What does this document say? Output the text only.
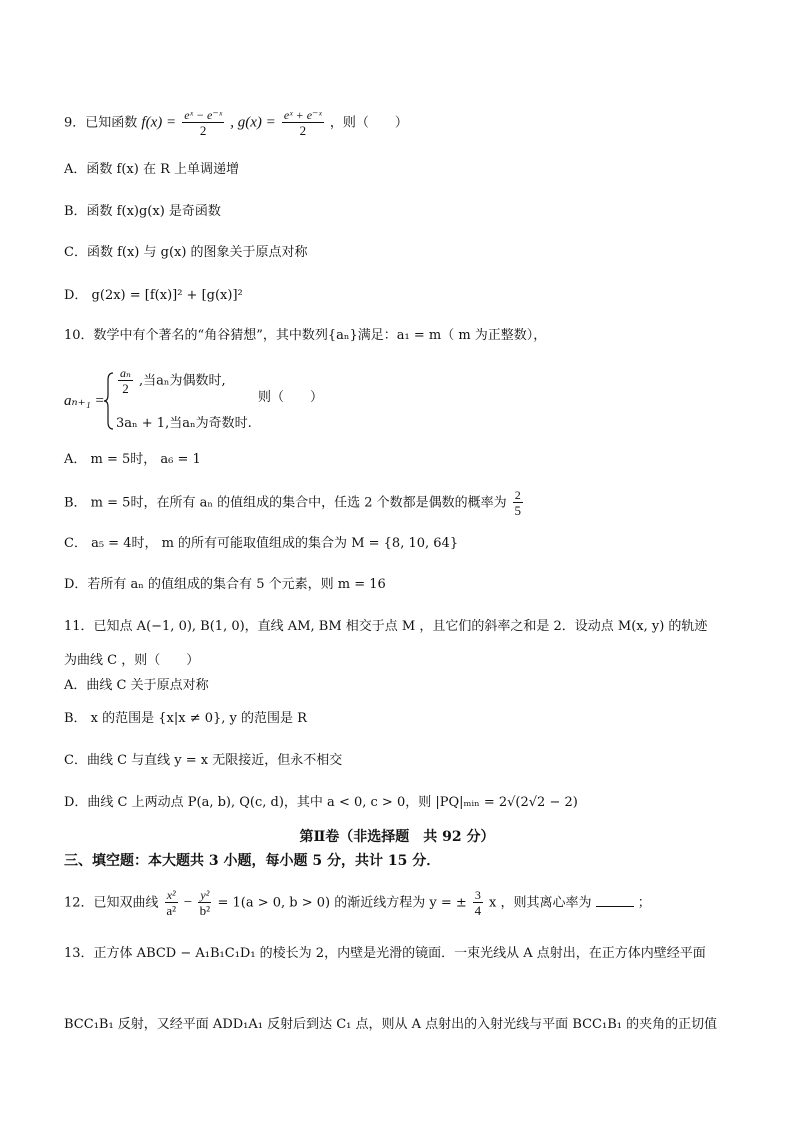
9．已知函数 $f(x) = \frac{\text{eˣ − e⁻ˣ}}{2}$ , $g(x) = \frac{\text{eˣ + e⁻ˣ}}{2}$ ，则（　　）
A．函数 f(x) 在 R 上单调递增
B．函数 f(x)g(x) 是奇函数
C．函数 f(x) 与 g(x) 的图象关于原点对称
D． g(2x) = [f(x)]² + [g(x)]²
10．数学中有个著名的“角谷猜想”，其中数列{aₙ}满足：a₁ = m（ m 为正整数），
aₙ₊₁ =
$\frac{\text{aₙ}}{2}$ ,当aₙ为偶数时,
3aₙ + 1,当aₙ为奇数时.
则（　　）
A． m = 5时， a₆ = 1
B． m = 5时，在所有 aₙ 的值组成的集合中，任选 2 个数都是偶数的概率为 $\frac{2}{5}$
C． a₅ = 4时， m 的所有可能取值组成的集合为 M = {8, 10, 64}
D．若所有 aₙ 的值组成的集合有 5 个元素，则 m = 16
11．已知点 A(−1, 0), B(1, 0)，直线 AM, BM 相交于点 M ，且它们的斜率之和是 2．设动点 M(x, y) 的轨迹
为曲线 C ，则（　　）
A．曲线 C 关于原点对称
B． x 的范围是 {x|x ≠ 0}, y 的范围是 R
C．曲线 C 与直线 y = x 无限接近，但永不相交
D．曲线 C 上两动点 P(a, b), Q(c, d)，其中 a < 0, c > 0，则 |PQ|ₘᵢₙ = 2√(2√2 − 2)
第Ⅱ卷（非选择题　共 92 分）
三、填空题：本大题共 3 小题，每小题 5 分，共计 15 分．
12．已知双曲线 $\frac{\text{x²}}{\text{a²}} - \frac{\text{y²}}{\text{b²}} = 1(a > 0$, b > 0) 的渐近线方程为 y = ± $\frac{3}{4}$ x ，则其离心率为	；
13．正方体 ABCD − A₁B₁C₁D₁ 的棱长为 2，内壁是光滑的镜面．一束光线从 A 点射出，在正方体内壁经平面
BCC₁B₁ 反射，又经平面 ADD₁A₁ 反射后到达 C₁ 点，则从 A 点射出的入射光线与平面 BCC₁B₁ 的夹角的正切值
